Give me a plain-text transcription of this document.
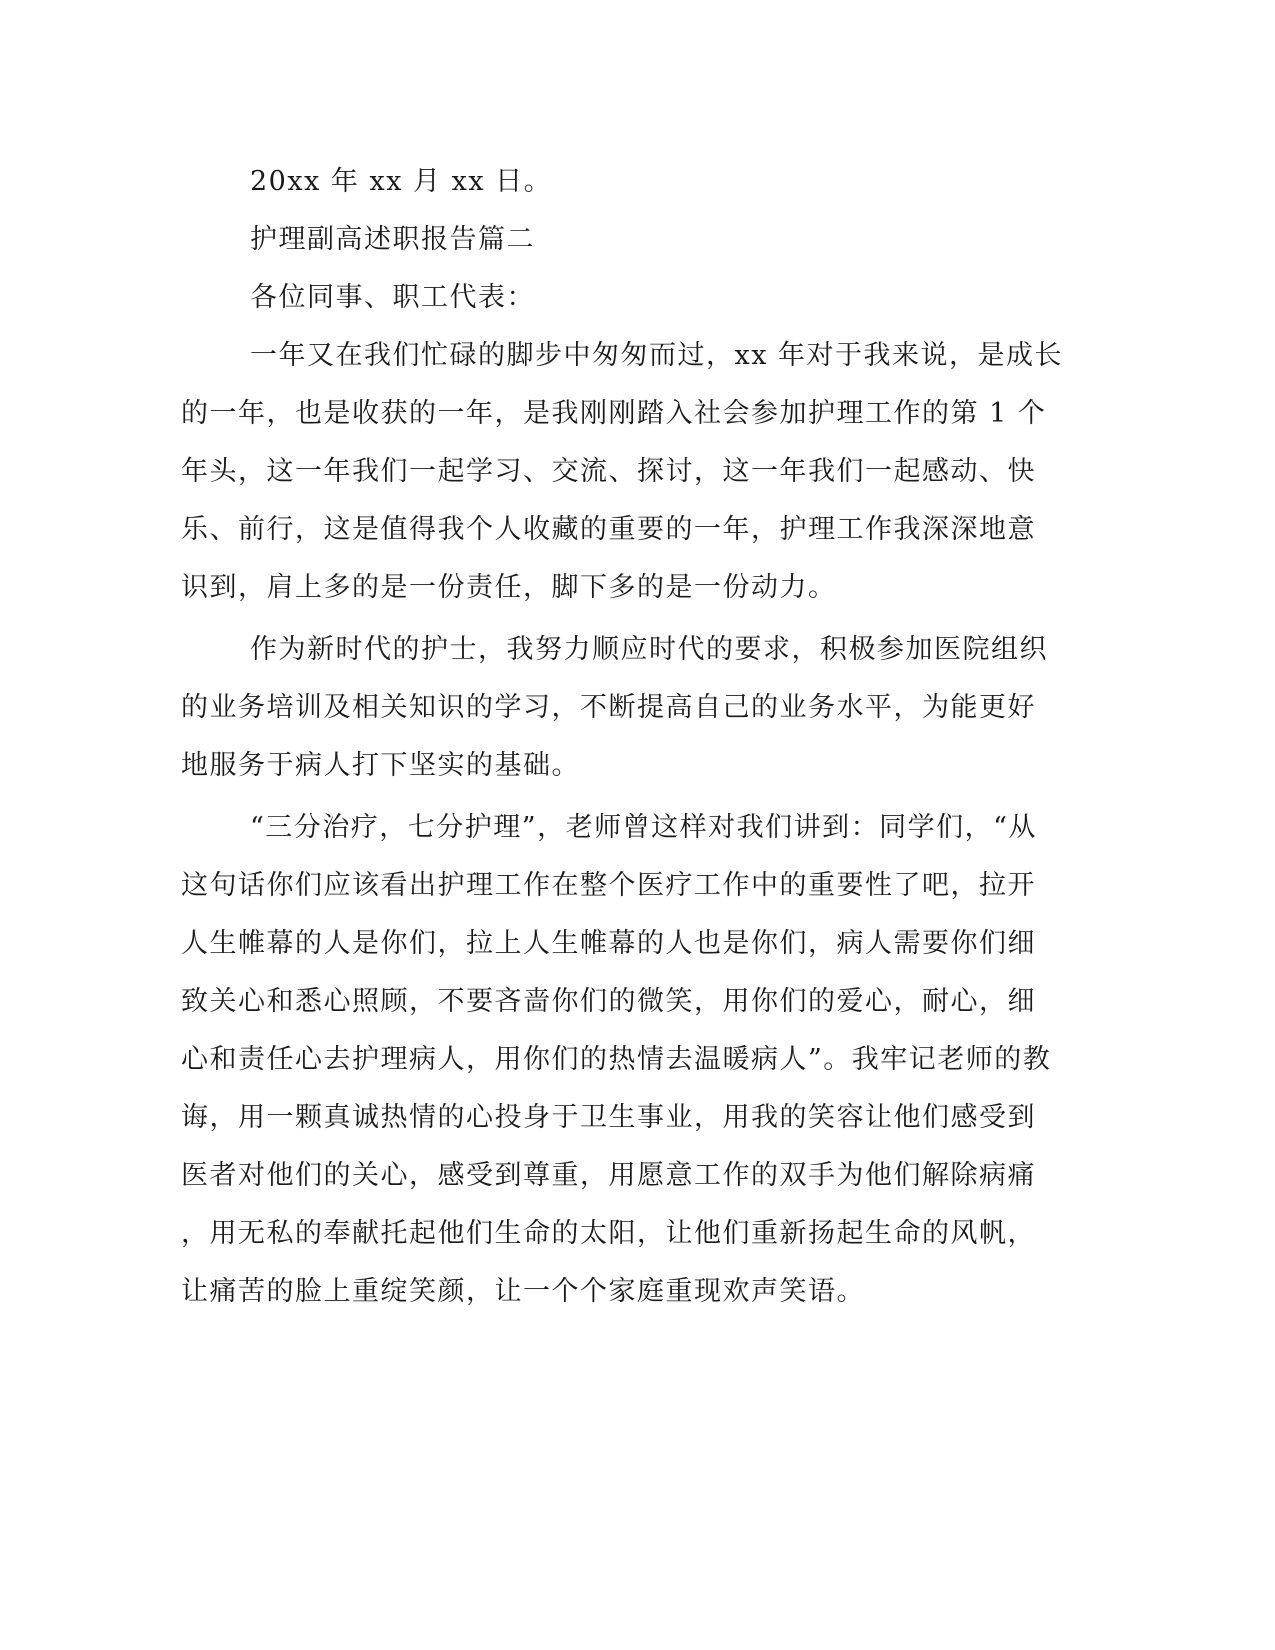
20xx 年 xx 月 xx 日。
护理副高述职报告篇二
各位同事、职工代表：
一年又在我们忙碌的脚步中匆匆而过，xx 年对于我来说，是成长
的一年，也是收获的一年，是我刚刚踏入社会参加护理工作的第 1 个
年头，这一年我们一起学习、交流、探讨，这一年我们一起感动、快
乐、前行，这是值得我个人收藏的重要的一年，护理工作我深深地意
识到，肩上多的是一份责任，脚下多的是一份动力。
作为新时代的护士，我努力顺应时代的要求，积极参加医院组织
的业务培训及相关知识的学习，不断提高自己的业务水平，为能更好
地服务于病人打下坚实的基础。
“三分治疗，七分护理”，老师曾这样对我们讲到：同学们，“从
这句话你们应该看出护理工作在整个医疗工作中的重要性了吧，拉开
人生帷幕的人是你们，拉上人生帷幕的人也是你们，病人需要你们细
致关心和悉心照顾，不要吝啬你们的微笑，用你们的爱心，耐心，细
心和责任心去护理病人，用你们的热情去温暖病人”。我牢记老师的教
诲，用一颗真诚热情的心投身于卫生事业，用我的笑容让他们感受到
医者对他们的关心，感受到尊重，用愿意工作的双手为他们解除病痛
，用无私的奉献托起他们生命的太阳，让他们重新扬起生命的风帆，
让痛苦的脸上重绽笑颜，让一个个家庭重现欢声笑语。
